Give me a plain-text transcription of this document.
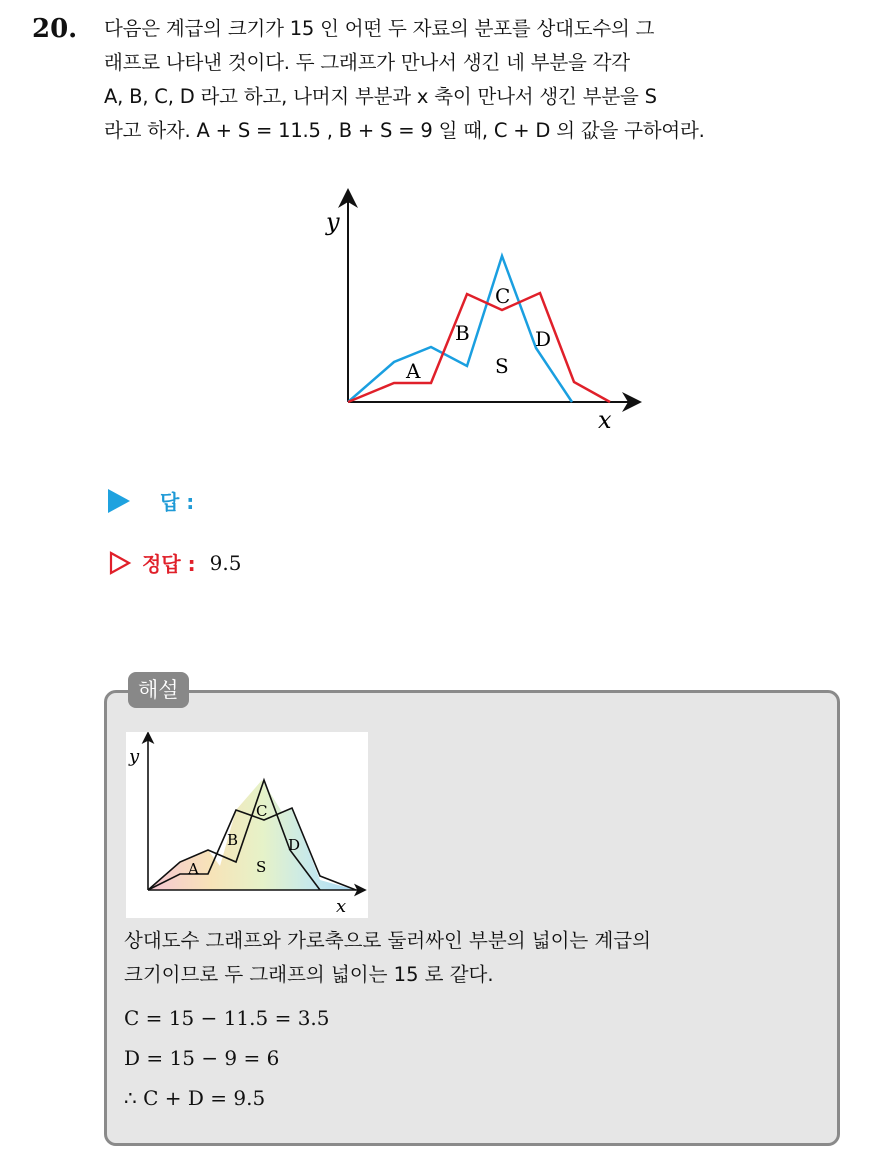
20. 다음은 계급의 크기가 15 인 어떤 두 자료의 분포를 상대도수의 그
래프로 나타낸 것이다. 두 그래프가 만나서 생긴 네 부분을 각각
A, B, C, D 라고 하고, 나머지 부분과 x 축이 만나서 생긴 부분을 S
라고 하자. A + S = 11.5 , B + S = 9 일 때, C + D 의 값을 구하여라.
y
x
A
B
C
D
S
답 :
정답 : 9.5
해설
y
x
A
B
C
D
S
상대도수 그래프와 가로축으로 둘러싸인 부분의 넓이는 계급의
크기이므로 두 그래프의 넓이는 15 로 같다.
C = 15 − 11.5 = 3.5
D = 15 − 9 = 6
∴ C + D = 9.5
